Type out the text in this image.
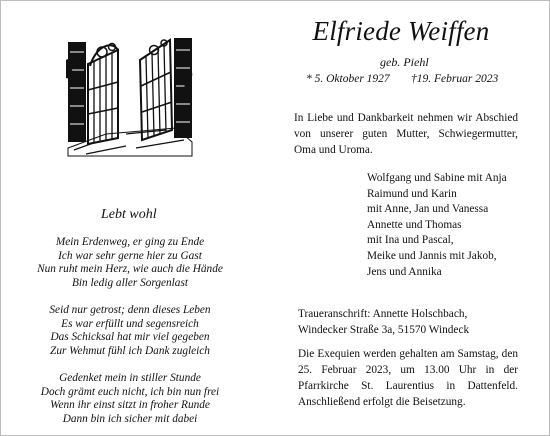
Elfriede Weiffen
geb. Piehl
* 5. Oktober 1927 †19. Februar 2023
In Liebe und Dankbarkeit nehmen wir Abschied von unserer guten Mutter, Schwiegermutter, Oma und Uroma.
Wolfgang und Sabine mit Anja
Raimund und Karin
mit Anne, Jan und Vanessa
Annette und Thomas
mit Ina und Pascal,
Meike und Jannis mit Jakob,
Jens und Annika
Traueranschrift: Annette Holschbach,
Windecker Straße 3a, 51570 Windeck
Die Exequien werden gehalten am Samstag, den 25. Februar 2023, um 13.00 Uhr in der Pfarrkirche St. Laurentius in Dattenfeld. Anschließend erfolgt die Beisetzung.
Lebt wohl
Mein Erdenweg, er ging zu Ende
Ich war sehr gerne hier zu Gast
Nun ruht mein Herz, wie auch die Hände
Bin ledig aller Sorgenlast
Seid nur getrost; denn dieses Leben
Es war erfüllt und segensreich
Das Schicksal hat mir viel gegeben
Zur Wehmut fühl ich Dank zugleich
Gedenket mein in stiller Stunde
Doch grämt euch nicht, ich bin nun frei
Wenn ihr einst sitzt in froher Runde
Dann bin ich sicher mit dabei
